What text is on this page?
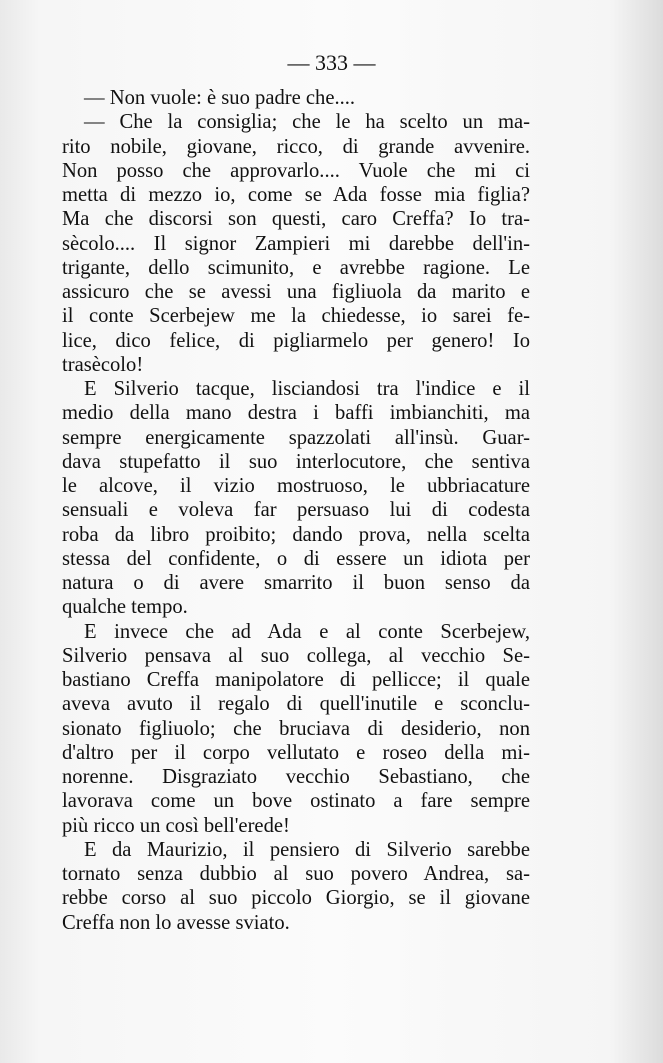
— 333 —
— Non vuole: è suo padre che....
— Che la consiglia; che le ha scelto un ma-
rito nobile, giovane, ricco, di grande avvenire.
Non posso che approvarlo.... Vuole che mi ci
metta di mezzo io, come se Ada fosse mia figlia?
Ma che discorsi son questi, caro Creffa? Io tra-
sècolo.... Il signor Zampieri mi darebbe dell'in-
trigante, dello scimunito, e avrebbe ragione. Le
assicuro che se avessi una figliuola da marito e
il conte Scerbejew me la chiedesse, io sarei fe-
lice, dico felice, di pigliarmelo per genero! Io
trasècolo!
E Silverio tacque, lisciandosi tra l'indice e il
medio della mano destra i baffi imbianchiti, ma
sempre energicamente spazzolati all'insù. Guar-
dava stupefatto il suo interlocutore, che sentiva
le alcove, il vizio mostruoso, le ubbriacature
sensuali e voleva far persuaso lui di codesta
roba da libro proibito; dando prova, nella scelta
stessa del confidente, o di essere un idiota per
natura o di avere smarrito il buon senso da
qualche tempo.
E invece che ad Ada e al conte Scerbejew,
Silverio pensava al suo collega, al vecchio Se-
bastiano Creffa manipolatore di pellicce; il quale
aveva avuto il regalo di quell'inutile e sconclu-
sionato figliuolo; che bruciava di desiderio, non
d'altro per il corpo vellutato e roseo della mi-
norenne. Disgraziato vecchio Sebastiano, che
lavorava come un bove ostinato a fare sempre
più ricco un così bell'erede!
E da Maurizio, il pensiero di Silverio sarebbe
tornato senza dubbio al suo povero Andrea, sa-
rebbe corso al suo piccolo Giorgio, se il giovane
Creffa non lo avesse sviato.
